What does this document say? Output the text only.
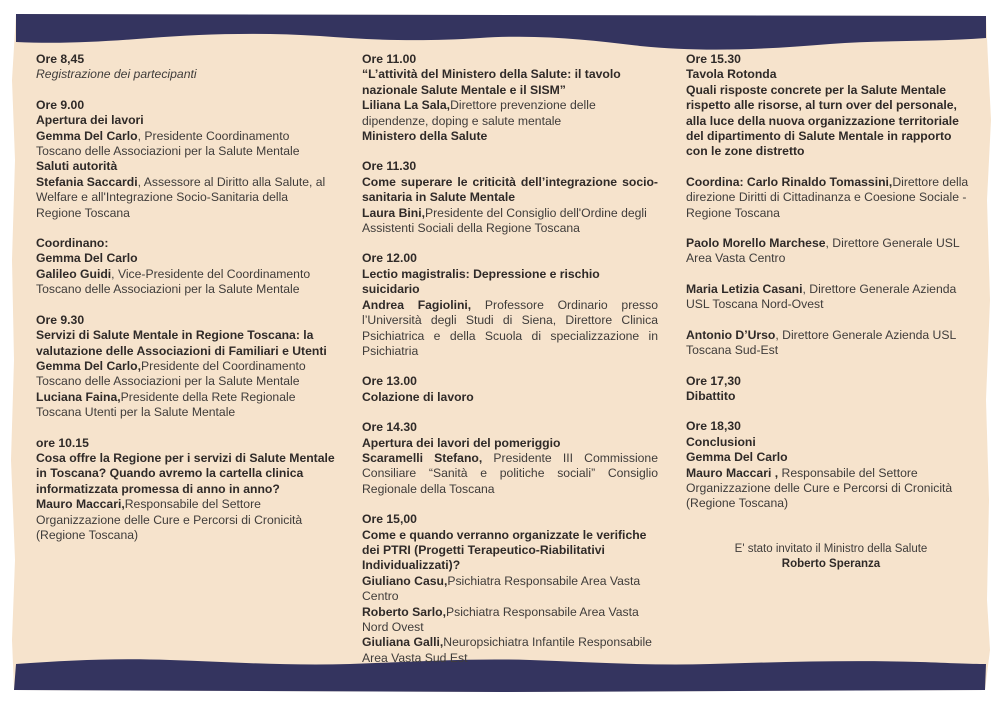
Ore 8,45
Registrazione dei partecipanti
Ore 9.00
Apertura dei lavori
Gemma Del Carlo, Presidente Coordinamento Toscano delle Associazioni per la Salute Mentale
Saluti autorità
Stefania Saccardi, Assessore al Diritto alla Salute, al Welfare e all'Integrazione Socio-Sanitaria della Regione Toscana
Coordinano:
Gemma Del Carlo
Galileo Guidi, Vice-Presidente del Coordinamento Toscano delle Associazioni per la Salute Mentale
Ore 9.30
Servizi di Salute Mentale in Regione Toscana: la valutazione delle Associazioni di Familiari e Utenti
Gemma Del Carlo,Presidente del Coordinamento Toscano delle Associazioni per la Salute Mentale
Luciana Faina,Presidente della Rete Regionale Toscana Utenti per la Salute Mentale
ore 10.15
Cosa offre la Regione per i servizi di Salute Mentale in Toscana? Quando avremo la cartella clinica informatizzata promessa di anno in anno?
Mauro Maccari,Responsabile del Settore Organizzazione delle Cure e Percorsi di Cronicità (Regione Toscana)
Ore 11.00
“L’attività del Ministero della Salute: il tavolo nazionale Salute Mentale e il SISM”
Liliana La Sala,Direttore prevenzione delle dipendenze, doping e salute mentale
Ministero della Salute
Ore 11.30
Come superare le criticità dell’integrazione socio-sanitaria in Salute Mentale
Laura Bini,Presidente del Consiglio dell'Ordine degli Assistenti Sociali della Regione Toscana
Ore 12.00
Lectio magistralis: Depressione e rischio suicidario
Andrea Fagiolini, Professore Ordinario presso l’Università degli Studi di Siena, Direttore Clinica Psichiatrica e della Scuola di specializzazione in Psichiatria
Ore 13.00
Colazione di lavoro
Ore 14.30
Apertura dei lavori del pomeriggio
Scaramelli Stefano, Presidente III Commissione Consiliare “Sanità e politiche sociali” Consiglio Regionale della Toscana
Ore 15,00
Come e quando verranno organizzate le verifiche dei PTRI (Progetti Terapeutico-Riabilitativi Individualizzati)?
Giuliano Casu,Psichiatra Responsabile Area Vasta Centro
Roberto Sarlo,Psichiatra Responsabile Area Vasta Nord Ovest
Giuliana Galli,Neuropsichiatra Infantile Responsabile Area Vasta Sud Est
Ore 15.30
Tavola Rotonda
Quali risposte concrete per la Salute Mentale rispetto alle risorse, al turn over del personale, alla luce della nuova organizzazione territoriale del dipartimento di Salute Mentale in rapporto con le zone distretto
Coordina: Carlo Rinaldo Tomassini,Direttore della direzione Diritti di Cittadinanza e Coesione Sociale - Regione Toscana
Paolo Morello Marchese, Direttore Generale USL Area Vasta Centro
Maria Letizia Casani, Direttore Generale Azienda USL Toscana Nord-Ovest
Antonio D’Urso, Direttore Generale Azienda USL Toscana Sud-Est
Ore 17,30
Dibattito
Ore 18,30
Conclusioni
Gemma Del Carlo
Mauro Maccari , Responsabile del Settore Organizzazione delle Cure e Percorsi di Cronicità (Regione Toscana)
E' stato invitato il Ministro della Salute
Roberto Speranza
